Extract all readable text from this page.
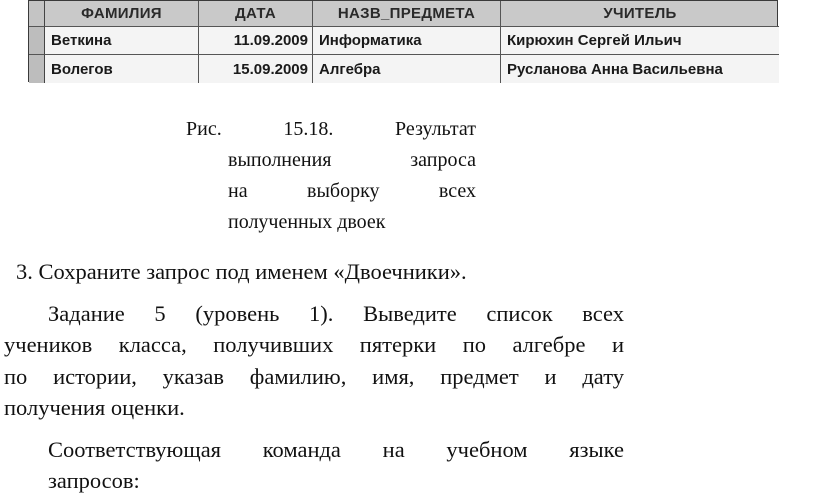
ФАМИЛИЯ	ДАТА	НАЗВ_ПРЕДМЕТА	УЧИТЕЛЬ
Веткина	11.09.2009 Информатика	Кирюхин Сергей Ильич
Волегов	15.09.2009 Алгебра	Русланова Анна Васильевна
Рис. 15.18. Результат
выполнения запроса
на выборку всех
полученных двоек
3. Сохраните запрос под именем «Двоечники».
Задание 5 (уровень 1). Выведите список всех
учеников класса, получивших пятерки по алгебре и
по истории, указав фамилию, имя, предмет и дату
получения оценки.
Соответствующая команда на учебном языке
запросов:
